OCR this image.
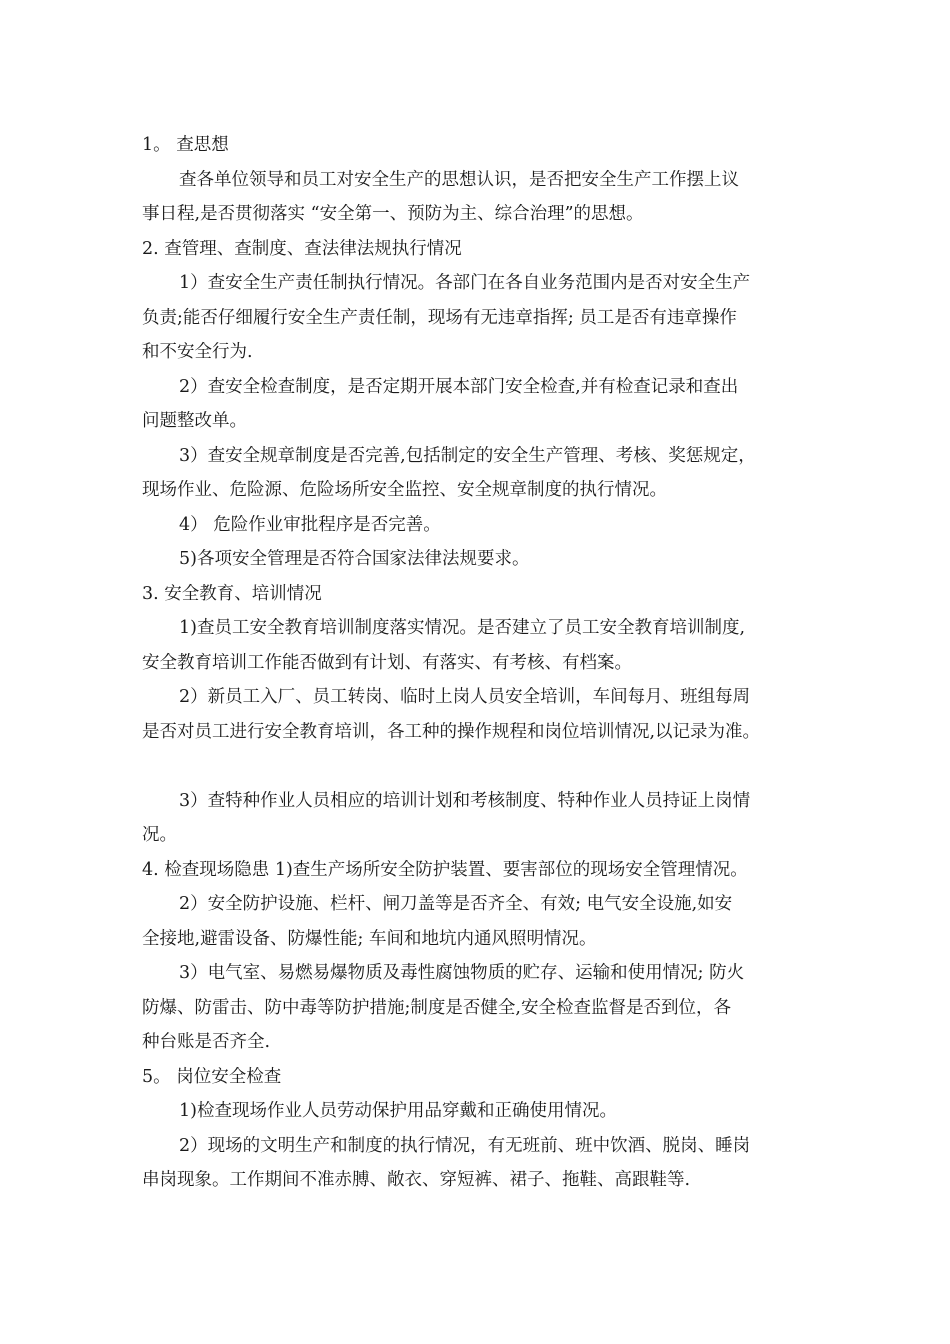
1。 查思想
查各单位领导和员工对安全生产的思想认识，是否把安全生产工作摆上议
事日程,是否贯彻落实 “安全第一、预防为主、综合治理”的思想。
2. 查管理、查制度、查法律法规执行情况
1）查安全生产责任制执行情况。各部门在各自业务范围内是否对安全生产
负责;能否仔细履行安全生产责任制，现场有无违章指挥; 员工是否有违章操作
和不安全行为.
2）查安全检查制度，是否定期开展本部门安全检查,并有检查记录和查出
问题整改单。
3）查安全规章制度是否完善,包括制定的安全生产管理、考核、奖惩规定，
现场作业、危险源、危险场所安全监控、安全规章制度的执行情况。
4） 危险作业审批程序是否完善。
5)各项安全管理是否符合国家法律法规要求。
3. 安全教育、培训情况
1)查员工安全教育培训制度落实情况。是否建立了员工安全教育培训制度,
安全教育培训工作能否做到有计划、有落实、有考核、有档案。
2）新员工入厂、员工转岗、临时上岗人员安全培训，车间每月、班组每周
是否对员工进行安全教育培训，各工种的操作规程和岗位培训情况,以记录为准。
3）查特种作业人员相应的培训计划和考核制度、特种作业人员持证上岗情
况。
4. 检查现场隐患 1)查生产场所安全防护装置、要害部位的现场安全管理情况。
2）安全防护设施、栏杆、闸刀盖等是否齐全、有效; 电气安全设施,如安
全接地,避雷设备、防爆性能; 车间和地坑内通风照明情况。
3）电气室、易燃易爆物质及毒性腐蚀物质的贮存、运输和使用情况; 防火
防爆、防雷击、防中毒等防护措施;制度是否健全,安全检查监督是否到位，各
种台账是否齐全.
5。 岗位安全检查
1)检查现场作业人员劳动保护用品穿戴和正确使用情况。
2）现场的文明生产和制度的执行情况，有无班前、班中饮酒、脱岗、睡岗
串岗现象。工作期间不准赤膊、敞衣、穿短裤、裙子、拖鞋、高跟鞋等.
